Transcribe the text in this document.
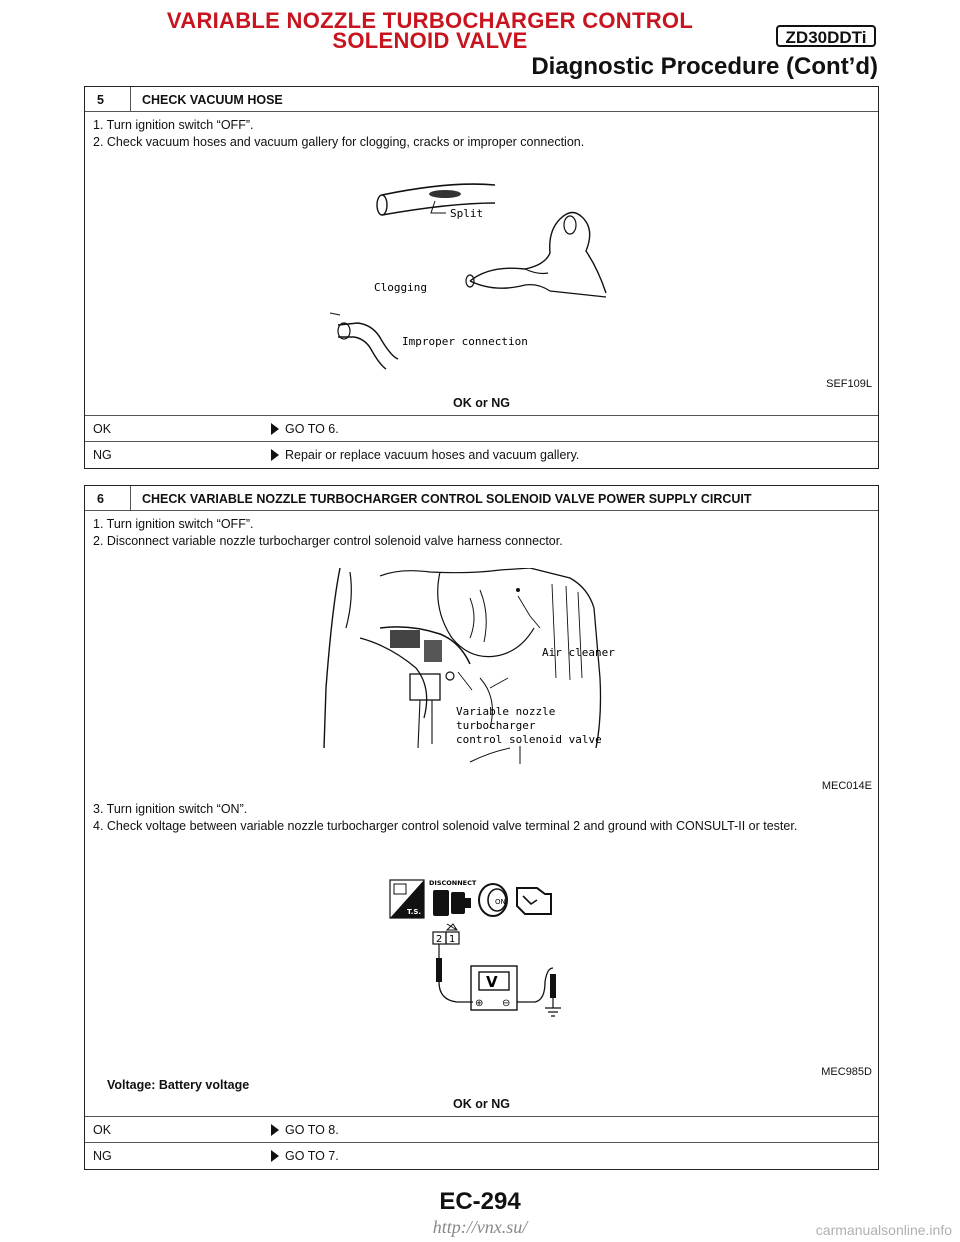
VARIABLE NOZZLE TURBOCHARGER CONTROL
SOLENOID VALVE	ZD30DDTi
Diagnostic Procedure (Cont’d)
5	CHECK VACUUM HOSE
1. Turn ignition switch “OFF”.
2. Check vacuum hoses and vacuum gallery for clogging, cracks or improper connection.
Split
Clogging
Improper connection
SEF109L
OK or NG
OK	GO TO 6.
NG	Repair or replace vacuum hoses and vacuum gallery.
6	CHECK VARIABLE NOZZLE TURBOCHARGER CONTROL SOLENOID VALVE POWER SUPPLY CIRCUIT
1. Turn ignition switch “OFF”.
2. Disconnect variable nozzle turbocharger control solenoid valve harness connector.
Air cleaner
Variable nozzle
turbocharger
control solenoid valve
MEC014E
3. Turn ignition switch “ON”.
4. Check voltage between variable nozzle turbocharger control solenoid valve terminal 2 and ground with CONSULT-II or tester.
T.S.
DISCONNECT
ON
2 1
V
⊕ ⊖
MEC985D
Voltage: Battery voltage
OK or NG
OK	GO TO 8.
NG	GO TO 7.
EC-294
http://vnx.su/	carmanualsonline.info
